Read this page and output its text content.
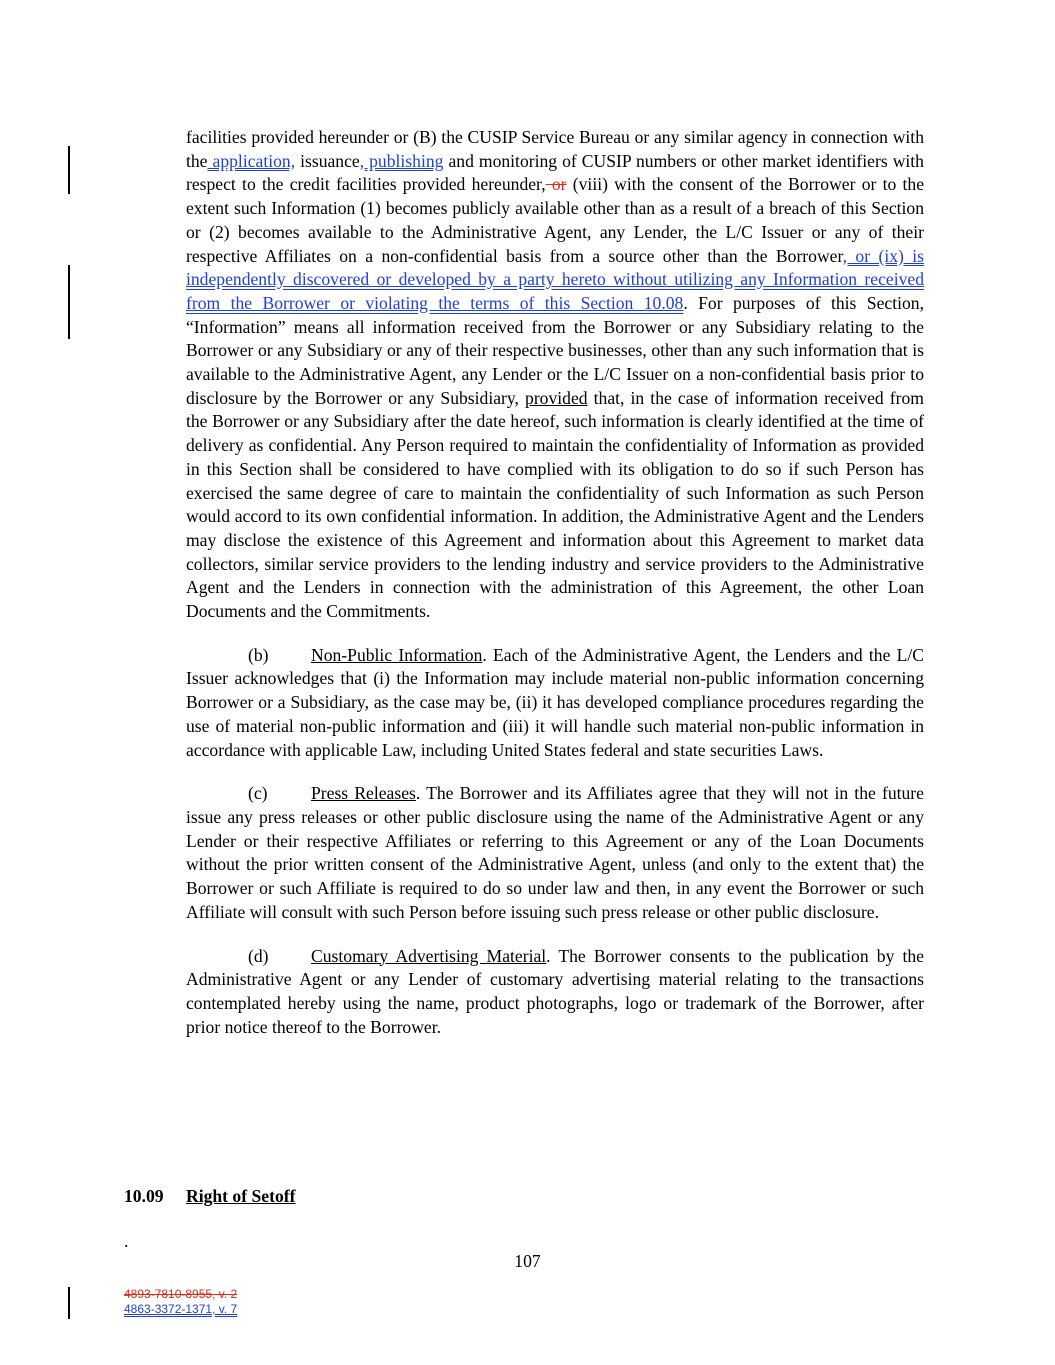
facilities provided hereunder or (B) the CUSIP Service Bureau or any similar agency in connection with the application, issuance, publishing and monitoring of CUSIP numbers or other market identifiers with respect to the credit facilities provided hereunder, or (viii) with the consent of the Borrower or to the extent such Information (1) becomes publicly available other than as a result of a breach of this Section or (2) becomes available to the Administrative Agent, any Lender, the L/C Issuer or any of their respective Affiliates on a non-confidential basis from a source other than the Borrower, or (ix) is independently discovered or developed by a party hereto without utilizing any Information received from the Borrower or violating the terms of this Section 10.08. For purposes of this Section, “Information” means all information received from the Borrower or any Subsidiary relating to the Borrower or any Subsidiary or any of their respective businesses, other than any such information that is available to the Administrative Agent, any Lender or the L/C Issuer on a non-confidential basis prior to disclosure by the Borrower or any Subsidiary, provided that, in the case of information received from the Borrower or any Subsidiary after the date hereof, such information is clearly identified at the time of delivery as confidential. Any Person required to maintain the confidentiality of Information as provided in this Section shall be considered to have complied with its obligation to do so if such Person has exercised the same degree of care to maintain the confidentiality of such Information as such Person would accord to its own confidential information. In addition, the Administrative Agent and the Lenders may disclose the existence of this Agreement and information about this Agreement to market data collectors, similar service providers to the lending industry and service providers to the Administrative Agent and the Lenders in connection with the administration of this Agreement, the other Loan Documents and the Commitments.

(b) Non-Public Information. Each of the Administrative Agent, the Lenders and the L/C Issuer acknowledges that (i) the Information may include material non-public information concerning Borrower or a Subsidiary, as the case may be, (ii) it has developed compliance procedures regarding the use of material non-public information and (iii) it will handle such material non-public information in accordance with applicable Law, including United States federal and state securities Laws.

(c) Press Releases. The Borrower and its Affiliates agree that they will not in the future issue any press releases or other public disclosure using the name of the Administrative Agent or any Lender or their respective Affiliates or referring to this Agreement or any of the Loan Documents without the prior written consent of the Administrative Agent, unless (and only to the extent that) the Borrower or such Affiliate is required to do so under law and then, in any event the Borrower or such Affiliate will consult with such Person before issuing such press release or other public disclosure.

(d) Customary Advertising Material. The Borrower consents to the publication by the Administrative Agent or any Lender of customary advertising material relating to the transactions contemplated hereby using the name, product photographs, logo or trademark of the Borrower, after prior notice thereof to the Borrower.

10.09 Right of Setoff
.
107
4893-7810-8955, v. 2
4863-3372-1371, v. 7
